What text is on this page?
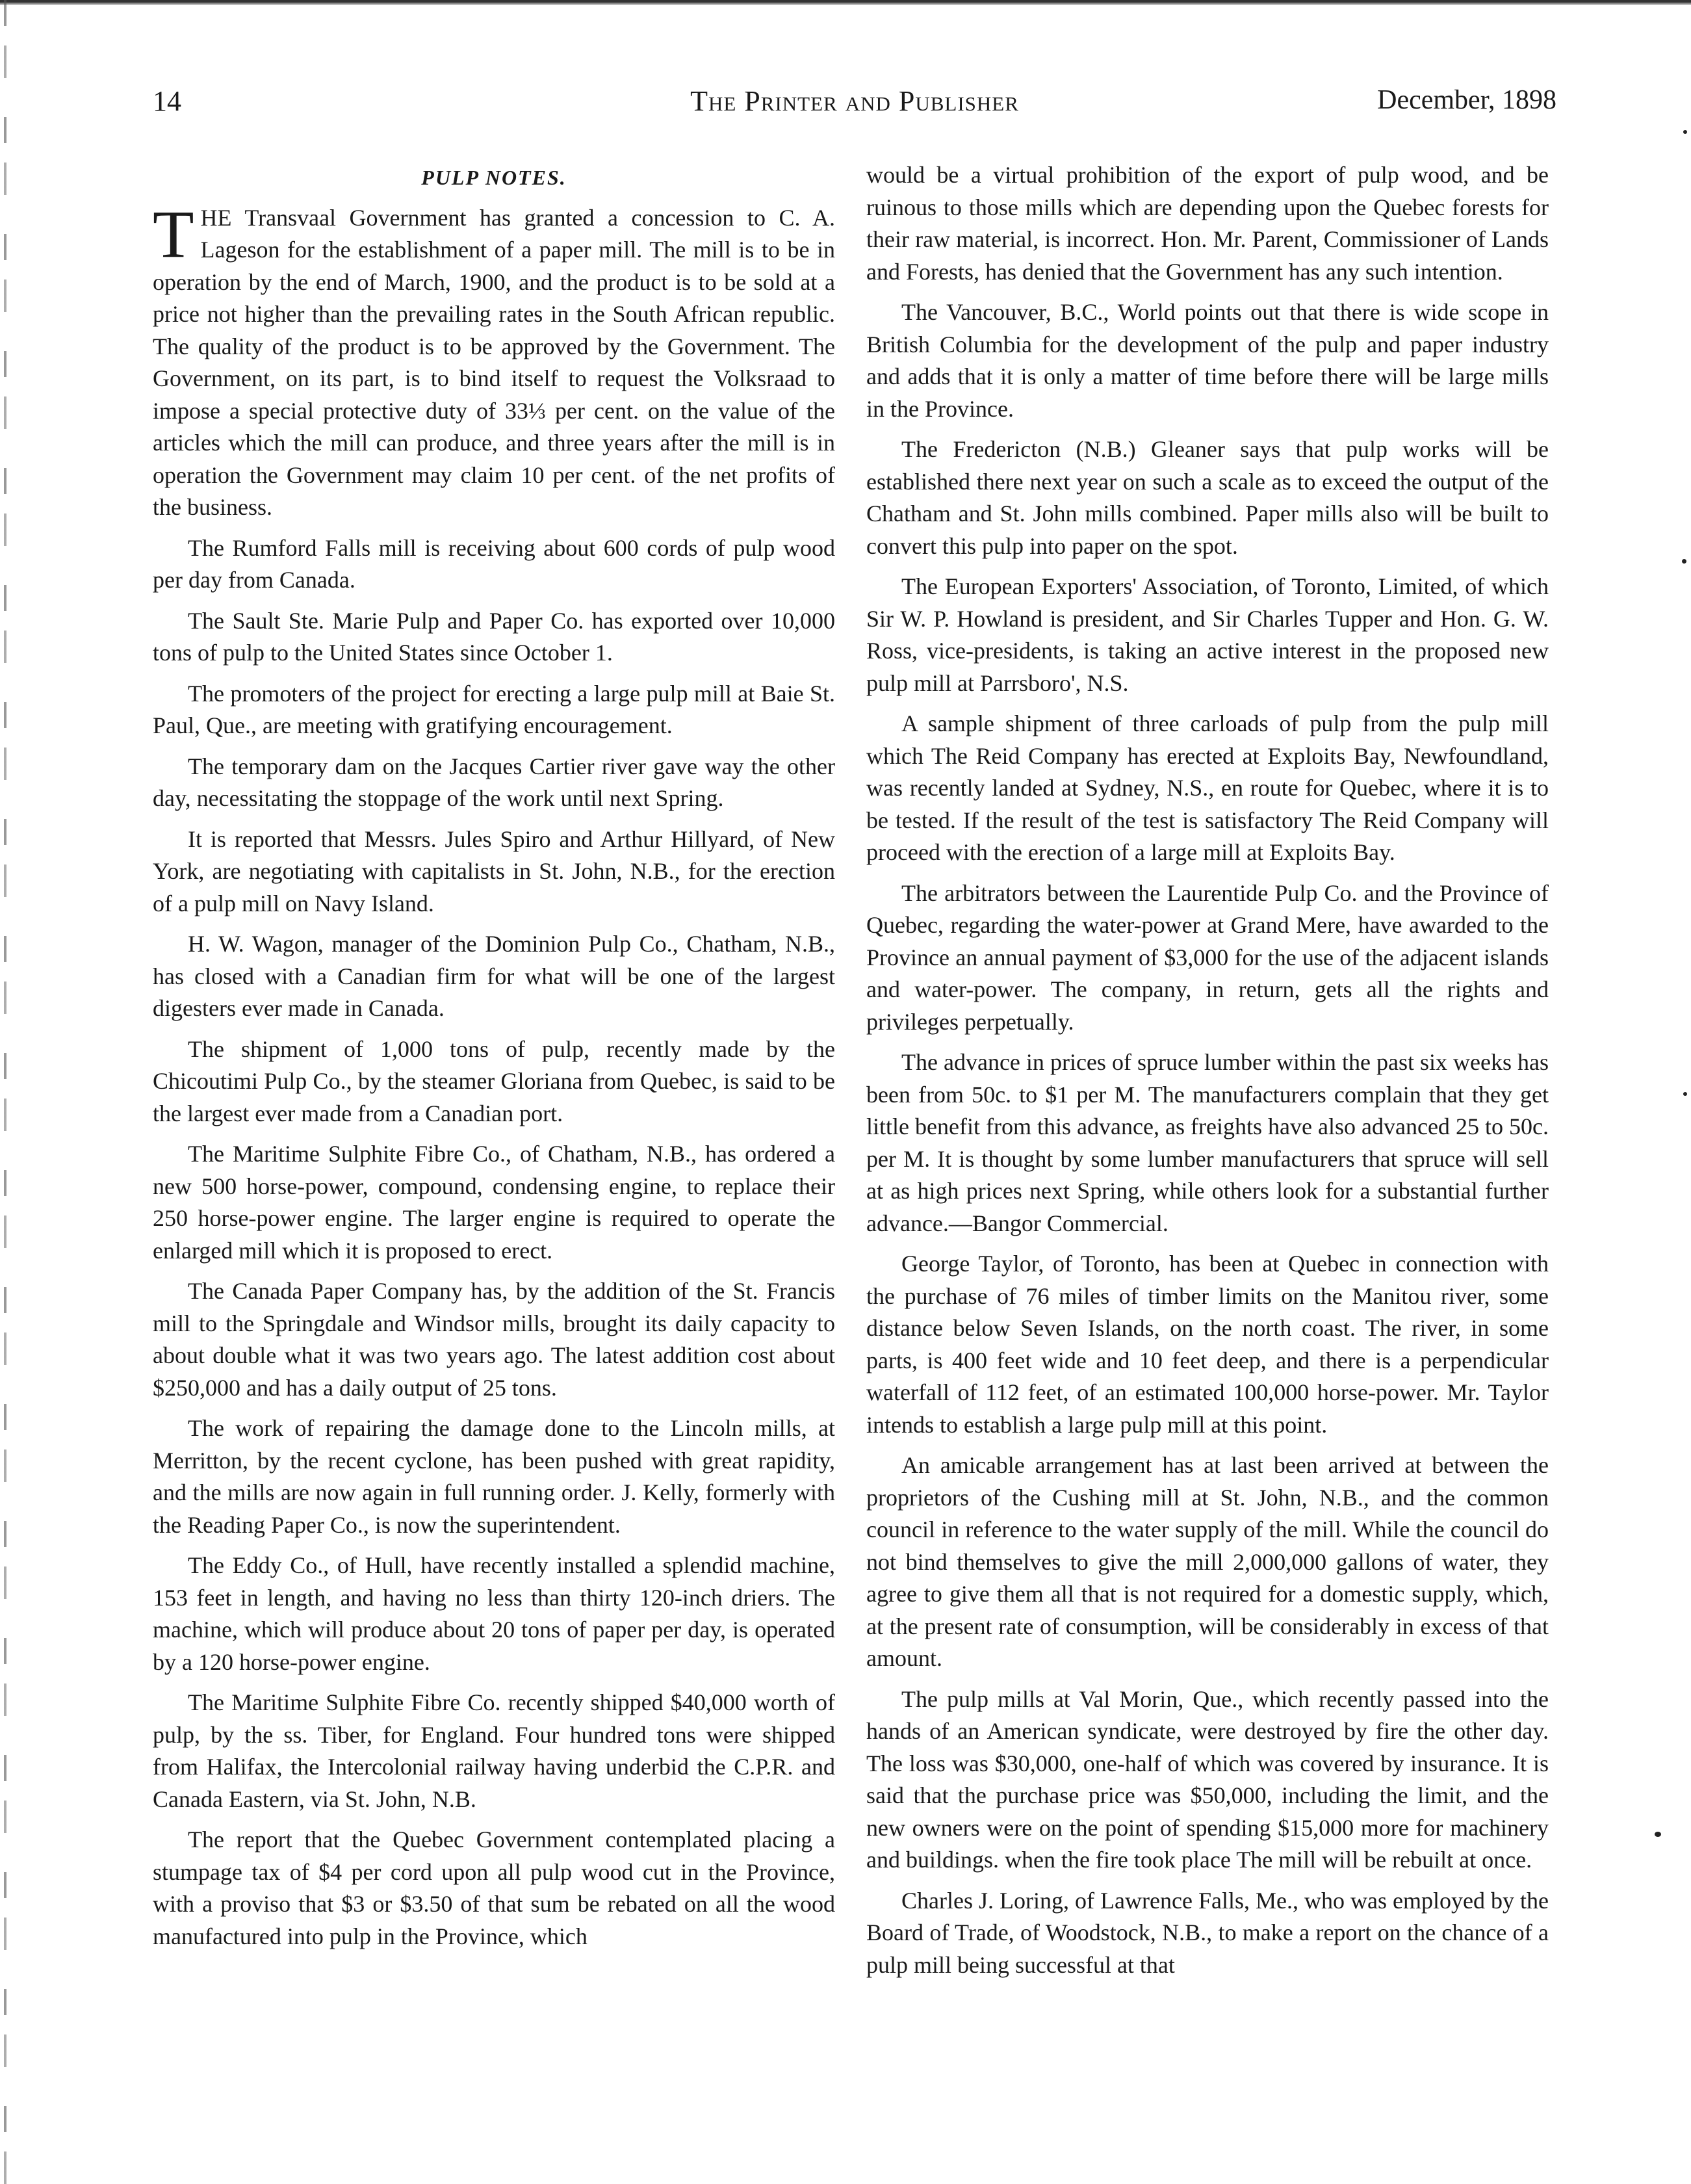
14	The Printer and Publisher	December, 1898
PULP NOTES.

THE Transvaal Government has granted a concession to C. A. Lageson for the establishment of a paper mill. The mill is to be in operation by the end of March, 1900, and the product is to be sold at a price not higher than the prevailing rates in the South African republic. The quality of the product is to be approved by the Government. The Government, on its part, is to bind itself to request the Volksraad to impose a special protective duty of 33⅓ per cent. on the value of the articles which the mill can produce, and three years after the mill is in operation the Government may claim 10 per cent. of the net profits of the business.

The Rumford Falls mill is receiving about 600 cords of pulp wood per day from Canada.

The Sault Ste. Marie Pulp and Paper Co. has exported over 10,000 tons of pulp to the United States since October 1.

The promoters of the project for erecting a large pulp mill at Baie St. Paul, Que., are meeting with gratifying encouragement.

The temporary dam on the Jacques Cartier river gave way the other day, necessitating the stoppage of the work until next Spring.

It is reported that Messrs. Jules Spiro and Arthur Hillyard, of New York, are negotiating with capitalists in St. John, N.B., for the erection of a pulp mill on Navy Island.

H. W. Wagon, manager of the Dominion Pulp Co., Chatham, N.B., has closed with a Canadian firm for what will be one of the largest digesters ever made in Canada.

The shipment of 1,000 tons of pulp, recently made by the Chicoutimi Pulp Co., by the steamer Gloriana from Quebec, is said to be the largest ever made from a Canadian port.

The Maritime Sulphite Fibre Co., of Chatham, N.B., has ordered a new 500 horse-power, compound, condensing engine, to replace their 250 horse-power engine. The larger engine is required to operate the enlarged mill which it is proposed to erect.

The Canada Paper Company has, by the addition of the St. Francis mill to the Springdale and Windsor mills, brought its daily capacity to about double what it was two years ago. The latest addition cost about $250,000 and has a daily output of 25 tons.

The work of repairing the damage done to the Lincoln mills, at Merritton, by the recent cyclone, has been pushed with great rapidity, and the mills are now again in full running order. J. Kelly, formerly with the Reading Paper Co., is now the superintendent.

The Eddy Co., of Hull, have recently installed a splendid machine, 153 feet in length, and having no less than thirty 120-inch driers. The machine, which will produce about 20 tons of paper per day, is operated by a 120 horse-power engine.

The Maritime Sulphite Fibre Co. recently shipped $40,000 worth of pulp, by the ss. Tiber, for England. Four hundred tons were shipped from Halifax, the Intercolonial railway having underbid the C.P.R. and Canada Eastern, via St. John, N.B.

The report that the Quebec Government contemplated placing a stumpage tax of $4 per cord upon all pulp wood cut in the Province, with a proviso that $3 or $3.50 of that sum be rebated on all the wood manufactured into pulp in the Province, which

would be a virtual prohibition of the export of pulp wood, and be ruinous to those mills which are depending upon the Quebec forests for their raw material, is incorrect. Hon. Mr. Parent, Commissioner of Lands and Forests, has denied that the Government has any such intention.

The Vancouver, B.C., World points out that there is wide scope in British Columbia for the development of the pulp and paper industry and adds that it is only a matter of time before there will be large mills in the Province.

The Fredericton (N.B.) Gleaner says that pulp works will be established there next year on such a scale as to exceed the output of the Chatham and St. John mills combined. Paper mills also will be built to convert this pulp into paper on the spot.

The European Exporters' Association, of Toronto, Limited, of which Sir W. P. Howland is president, and Sir Charles Tupper and Hon. G. W. Ross, vice-presidents, is taking an active interest in the proposed new pulp mill at Parrsboro', N.S.

A sample shipment of three carloads of pulp from the pulp mill which The Reid Company has erected at Exploits Bay, Newfoundland, was recently landed at Sydney, N.S., en route for Quebec, where it is to be tested. If the result of the test is satisfactory The Reid Company will proceed with the erection of a large mill at Exploits Bay.

The arbitrators between the Laurentide Pulp Co. and the Province of Quebec, regarding the water-power at Grand Mere, have awarded to the Province an annual payment of $3,000 for the use of the adjacent islands and water-power. The company, in return, gets all the rights and privileges perpetually.

The advance in prices of spruce lumber within the past six weeks has been from 50c. to $1 per M. The manufacturers complain that they get little benefit from this advance, as freights have also advanced 25 to 50c. per M. It is thought by some lumber manufacturers that spruce will sell at as high prices next Spring, while others look for a substantial further advance.—Bangor Commercial.

George Taylor, of Toronto, has been at Quebec in connection with the purchase of 76 miles of timber limits on the Manitou river, some distance below Seven Islands, on the north coast. The river, in some parts, is 400 feet wide and 10 feet deep, and there is a perpendicular waterfall of 112 feet, of an estimated 100,000 horse-power. Mr. Taylor intends to establish a large pulp mill at this point.

An amicable arrangement has at last been arrived at between the proprietors of the Cushing mill at St. John, N.B., and the common council in reference to the water supply of the mill. While the council do not bind themselves to give the mill 2,000,000 gallons of water, they agree to give them all that is not required for a domestic supply, which, at the present rate of consumption, will be considerably in excess of that amount.

The pulp mills at Val Morin, Que., which recently passed into the hands of an American syndicate, were destroyed by fire the other day. The loss was $30,000, one-half of which was covered by insurance. It is said that the purchase price was $50,000, including the limit, and the new owners were on the point of spending $15,000 more for machinery and buildings. when the fire took place The mill will be rebuilt at once.

Charles J. Loring, of Lawrence Falls, Me., who was employed by the Board of Trade, of Woodstock, N.B., to make a report on the chance of a pulp mill being successful at that
